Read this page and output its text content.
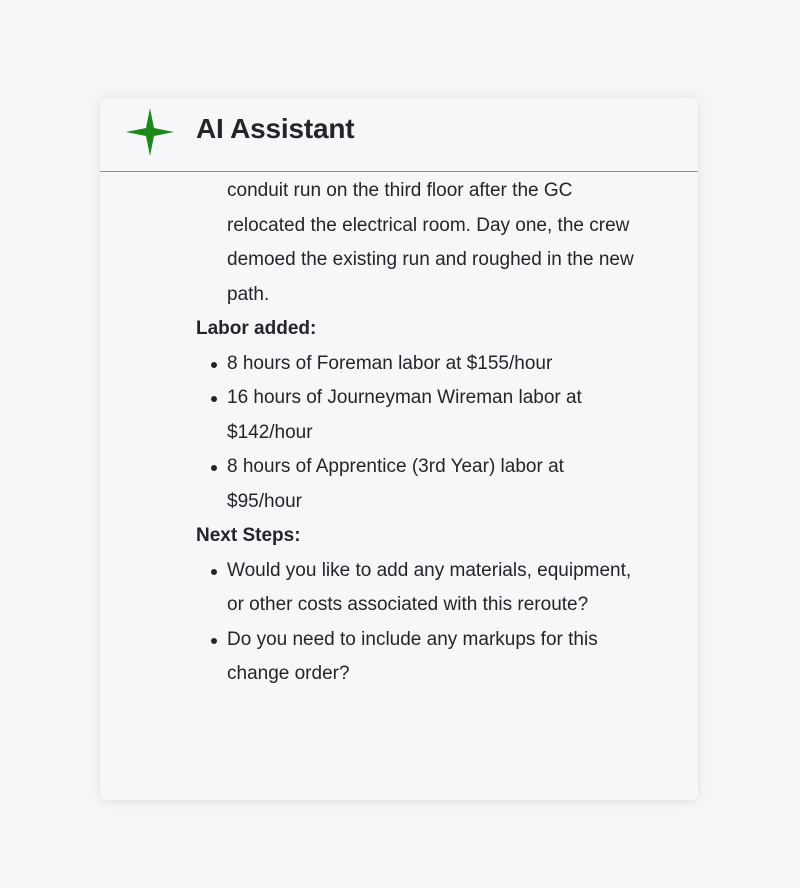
AI Assistant

conduit run on the third floor after the GC relocated the electrical room. Day one, the crew demoed the existing run and roughed in the new path.

Labor added:

8 hours of Foreman labor at $155/hour
16 hours of Journeyman Wireman labor at $142/hour
8 hours of Apprentice (3rd Year) labor at $95/hour

Next Steps:

Would you like to add any materials, equipment, or other costs associated with this reroute?
Do you need to include any markups for this change order?
